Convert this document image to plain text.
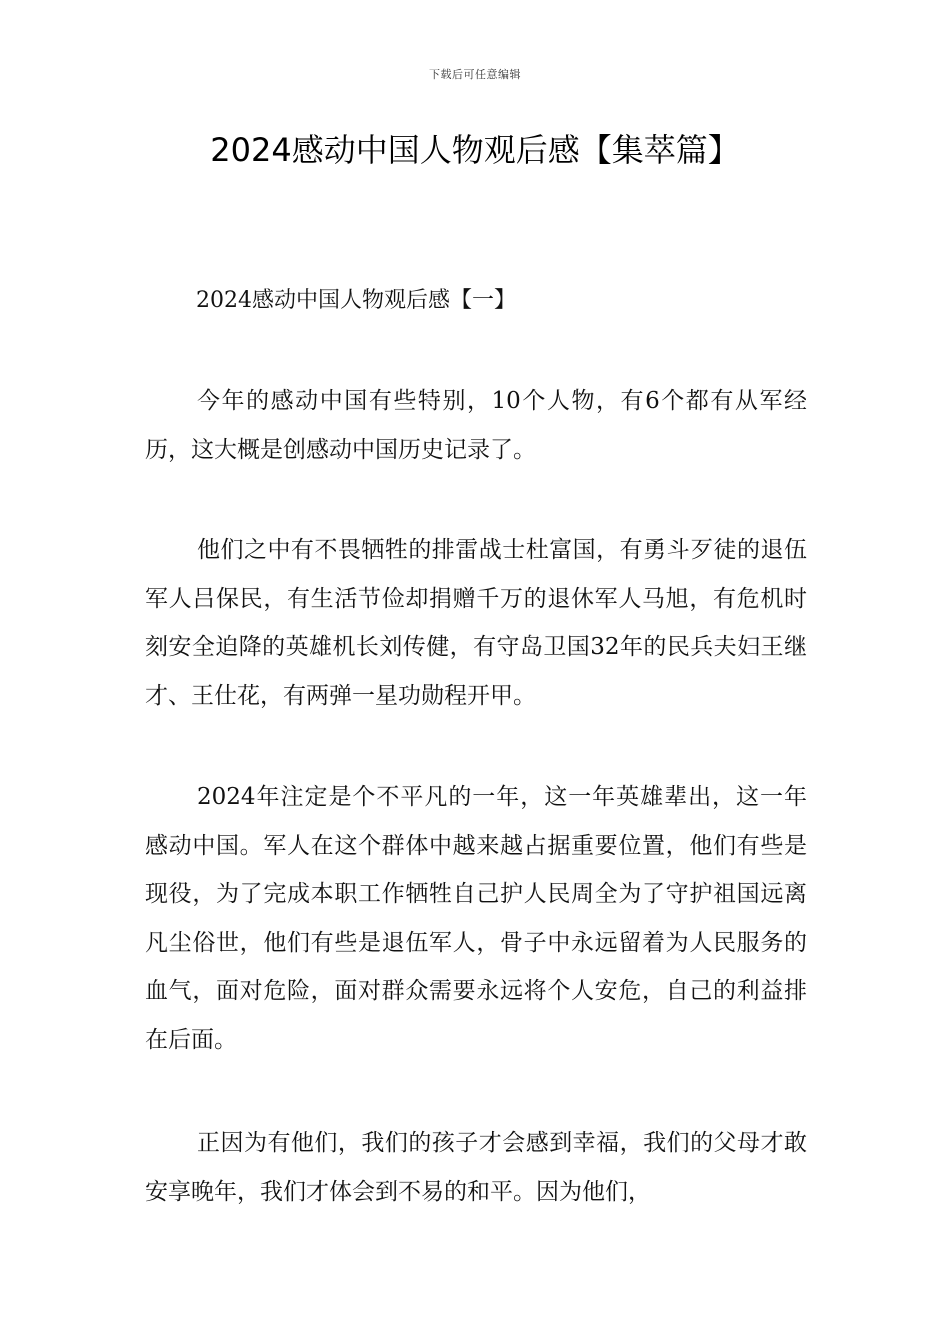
下载后可任意编辑
2024感动中国人物观后感【集萃篇】

2024感动中国人物观后感【一】

今年的感动中国有些特别，10个人物，有6个都有从军经历，这大概是创感动中国历史记录了。

他们之中有不畏牺牲的排雷战士杜富国，有勇斗歹徒的退伍军人吕保民，有生活节俭却捐赠千万的退休军人马旭，有危机时刻安全迫降的英雄机长刘传健，有守岛卫国32年的民兵夫妇王继才、王仕花，有两弹一星功勋程开甲。

2024年注定是个不平凡的一年，这一年英雄辈出，这一年感动中国。军人在这个群体中越来越占据重要位置，他们有些是现役，为了完成本职工作牺牲自己护人民周全为了守护祖国远离凡尘俗世，他们有些是退伍军人，骨子中永远留着为人民服务的血气，面对危险，面对群众需要永远将个人安危，自己的利益排在后面。

正因为有他们，我们的孩子才会感到幸福，我们的父母才敢安享晚年，我们才体会到不易的和平。因为他们，
